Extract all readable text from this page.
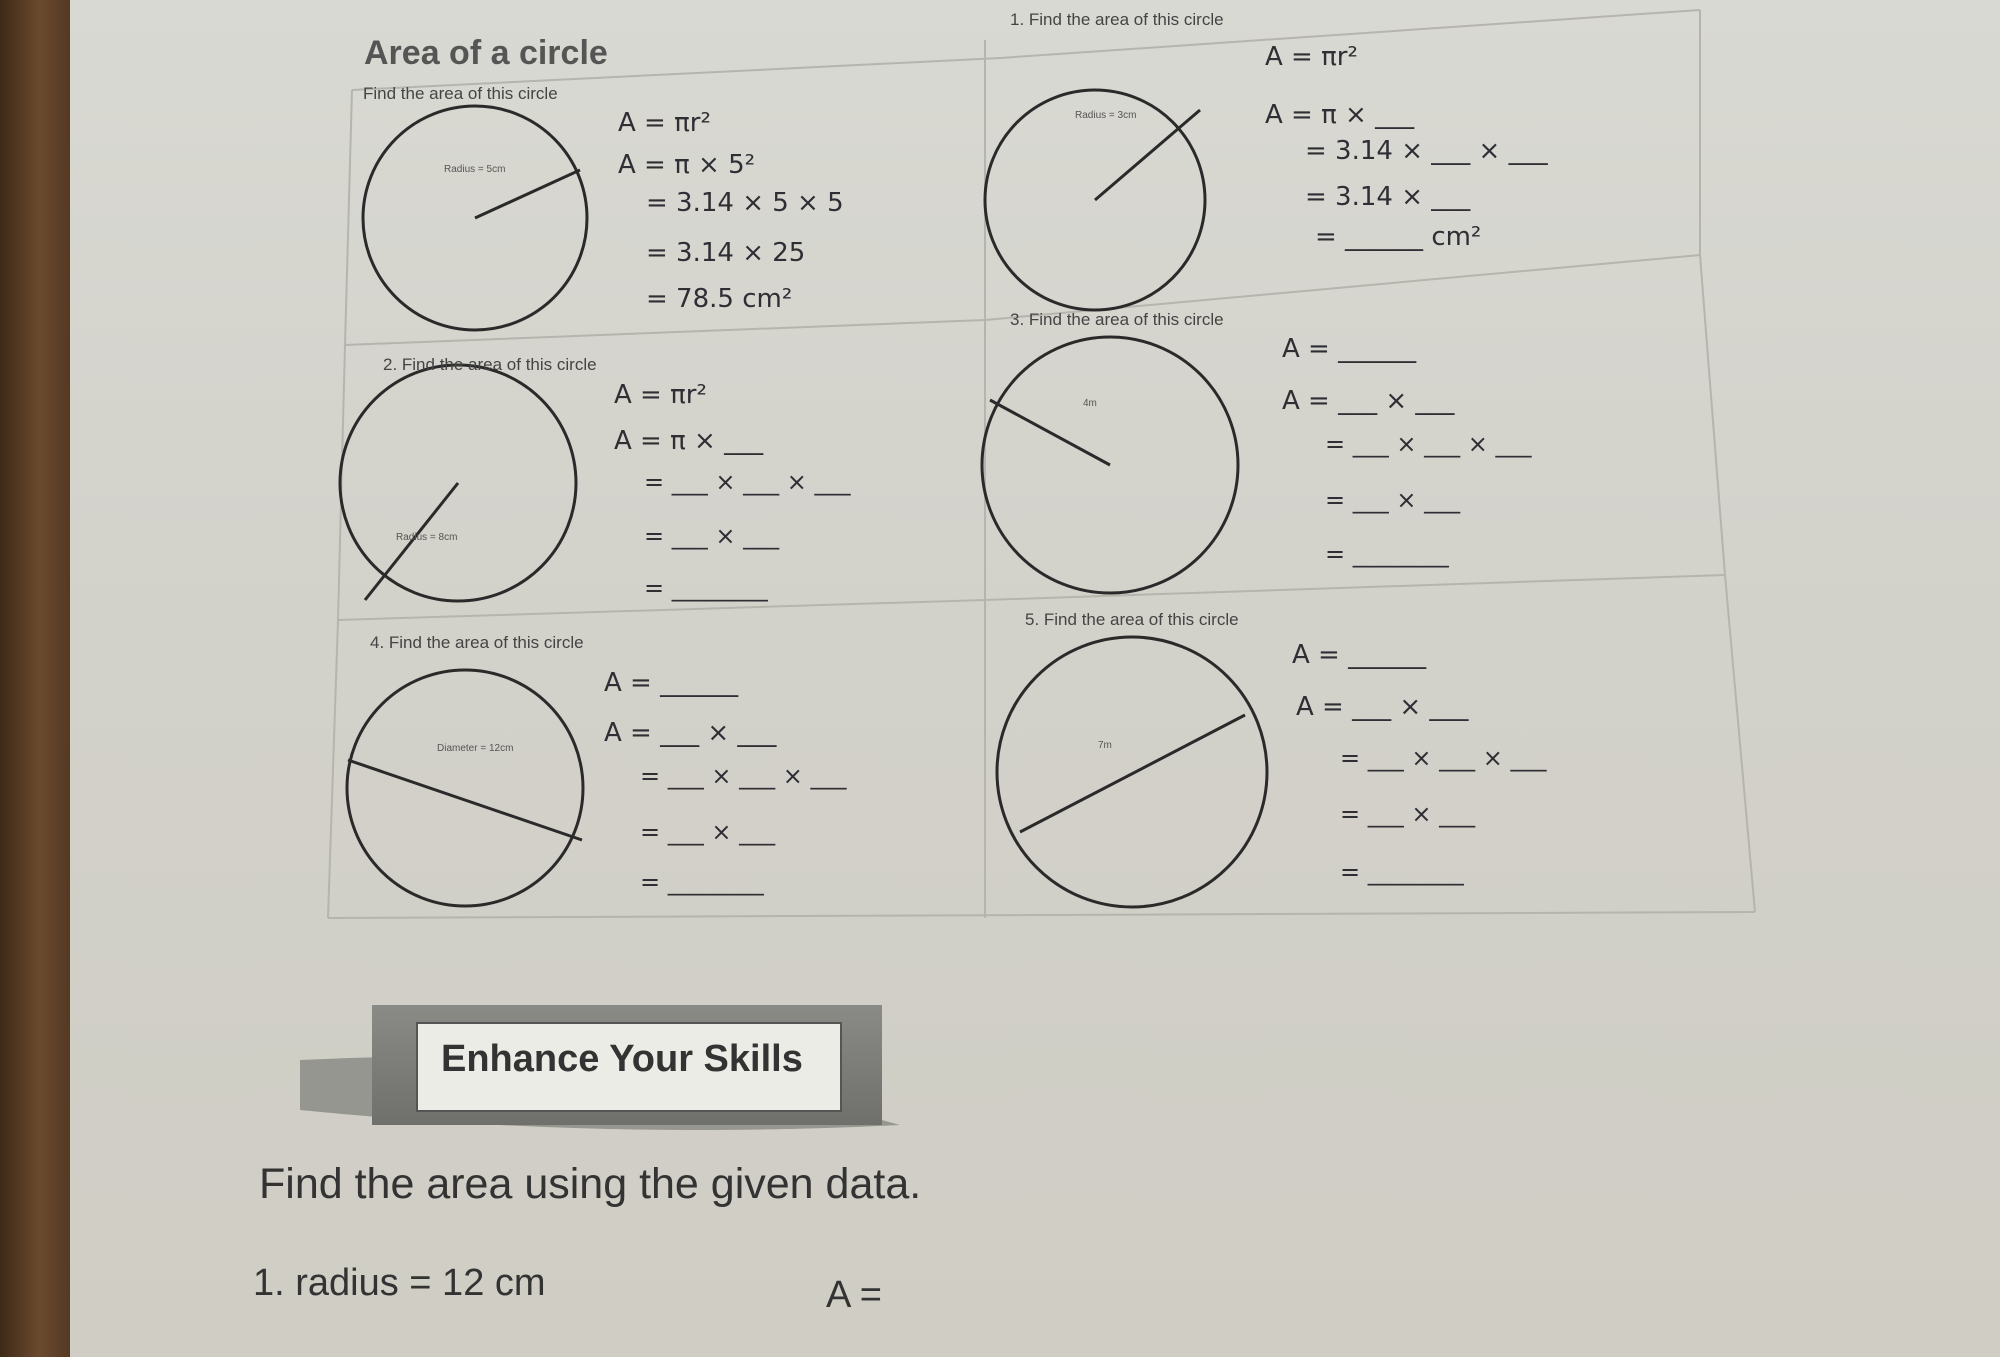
Area of a circle
Find the area of this circle
Radius = 5cm
A = πr²
A = π × 5²
= 3.14 × 5 × 5
= 3.14 × 25
= 78.5 cm²
1. Find the area of this circle
Radius = 3cm
A = πr²
A = π × ___
= 3.14 × ___ × ___
= 3.14 × ___
= ______ cm²
2. Find the area of this circle
Radius = 8cm
A = πr²
A = π × ___
= ___ × ___ × ___
= ___ × ___
= ________
3. Find the area of this circle
4m
A = ______
A = ___ × ___
= ___ × ___ × ___
= ___ × ___
= ________
4. Find the area of this circle
Diameter = 12cm
A = ______
A = ___ × ___
= ___ × ___ × ___
= ___ × ___
= ________
5. Find the area of this circle
7m
A = ______
A = ___ × ___
= ___ × ___ × ___
= ___ × ___
= ________
Enhance Your Skills
Find the area using the given data.
1. radius = 12 cm	A =
